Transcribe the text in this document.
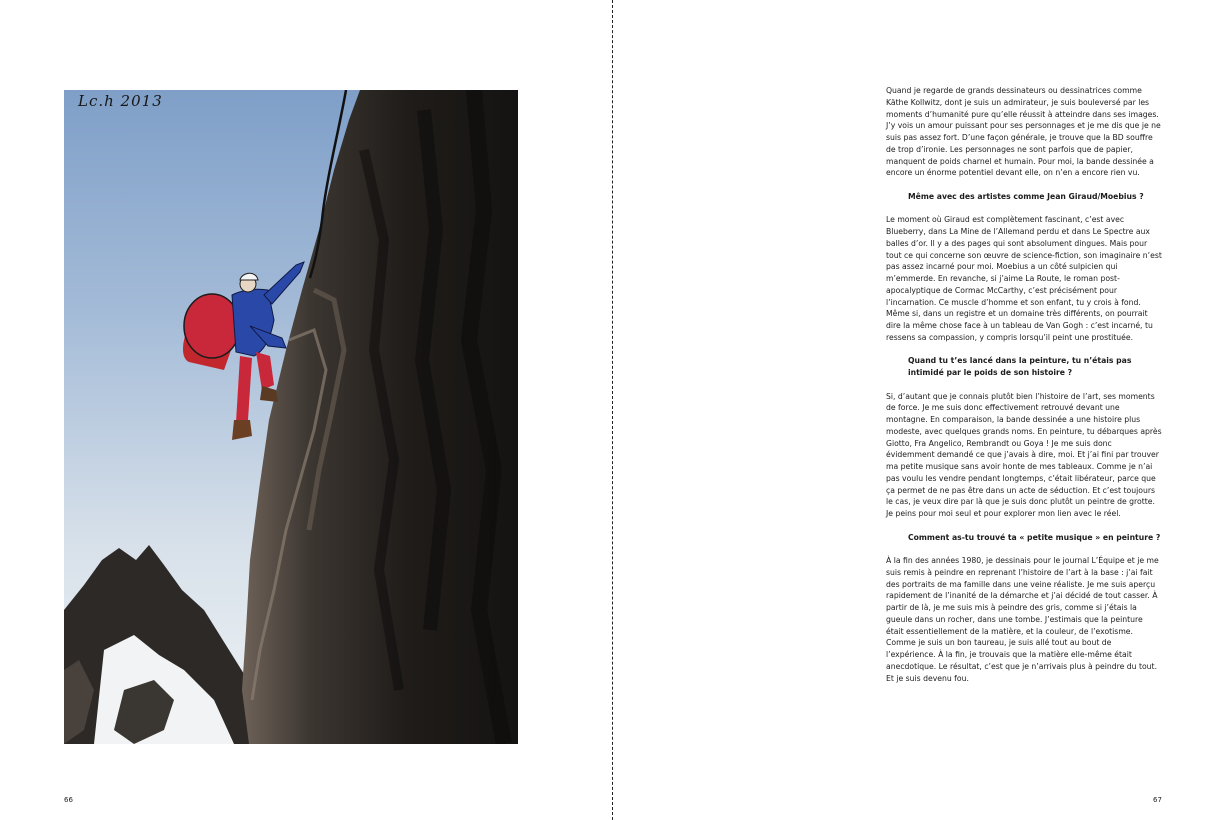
Lc.h 2013
66

Quand je regarde de grands dessinateurs ou dessinatrices comme Käthe Kollwitz, dont je suis un admirateur, je suis bouleversé par les moments d’humanité pure qu’elle réussit à atteindre dans ses images. J’y vois un amour puissant pour ses personnages et je me dis que je ne suis pas assez fort. D’une façon générale, je trouve que la BD souffre de trop d’ironie. Les personnages ne sont parfois que de papier, manquent de poids charnel et humain. Pour moi, la bande dessinée a encore un énorme potentiel devant elle, on n’en a encore rien vu.

Même avec des artistes comme Jean Giraud/Moebius ?

Le moment où Giraud est complètement fascinant, c’est avec Blueberry, dans La Mine de l’Allemand perdu et dans Le Spectre aux balles d’or. Il y a des pages qui sont absolument dingues. Mais pour tout ce qui concerne son œuvre de science-fiction, son imaginaire n’est pas assez incarné pour moi. Moebius a un côté sulpicien qui m’emmerde. En revanche, si j’aime La Route, le roman post-apocalyptique de Cormac McCarthy, c’est précisément pour l’incarnation. Ce muscle d’homme et son enfant, tu y crois à fond. Même si, dans un registre et un domaine très différents, on pourrait dire la même chose face à un tableau de Van Gogh : c’est incarné, tu ressens sa compassion, y compris lorsqu’il peint une prostituée.

Quand tu t’es lancé dans la peinture, tu n’étais pas intimidé par le poids de son histoire ?

Si, d’autant que je connais plutôt bien l’histoire de l’art, ses moments de force. Je me suis donc effectivement retrouvé devant une montagne. En comparaison, la bande dessinée a une histoire plus modeste, avec quelques grands noms. En peinture, tu débarques après Giotto, Fra Angelico, Rembrandt ou Goya ! Je me suis donc évidemment demandé ce que j’avais à dire, moi. Et j’ai fini par trouver ma petite musique sans avoir honte de mes tableaux. Comme je n’ai pas voulu les vendre pendant longtemps, c’était libérateur, parce que ça permet de ne pas être dans un acte de séduction. Et c’est toujours le cas, je veux dire par là que je suis donc plutôt un peintre de grotte. Je peins pour moi seul et pour explorer mon lien avec le réel.

Comment as-tu trouvé ta « petite musique » en peinture ?

À la fin des années 1980, je dessinais pour le journal L’Équipe et je me suis remis à peindre en reprenant l’histoire de l’art à la base : j’ai fait des portraits de ma famille dans une veine réaliste. Je me suis aperçu rapidement de l’inanité de la démarche et j’ai décidé de tout casser. À partir de là, je me suis mis à peindre des gris, comme si j’étais la gueule dans un rocher, dans une tombe. J’estimais que la peinture était essentiellement de la matière, et la couleur, de l’exotisme. Comme je suis un bon taureau, je suis allé tout au bout de l’expérience. À la fin, je trouvais que la matière elle-même était anecdotique. Le résultat, c’est que je n’arrivais plus à peindre du tout. Et je suis devenu fou.

67
